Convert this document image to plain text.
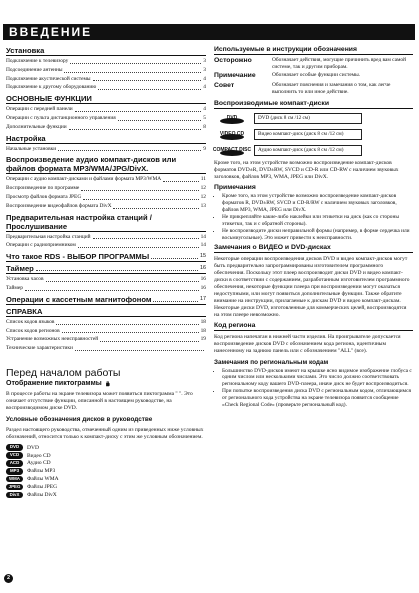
ВВЕДЕНИЕ
Установка
Подключение к телевизору	3
Подсоединение антенны	3
Подключение акустической системы	4
Подключение к другому оборудованию	4
ОСНОВНЫЕ ФУНКЦИИ
Операции с передней панели	4
Операции с пульта дистанционного управления	5
Дополнительные функции	8
Настройка
Начальные установки	9
Воспроизведение аудио компакт-дисков или файлов формата MP3/WMA/JPG/DivX.
Операции с аудио компакт-дисками и файлами формата MP3/WMA	11
Воспроизведение по программе	12
Просмотр файлов формата JPEG	12
Воспроизведение видеофайлов формата DivX	13
Предварительная настройка станций / Прослушивание
Предварительная настройка станций	14
Операции с радиоприемником	14
Что такое RDS - ВЫБОР ПРОГРАММЫ	15
Таймер	16
Установка часов	16
Таймер	16
Операции с кассетным магнитофоном	17
СПРАВКА
Список кодов языков	18
Список кодов регионов	18
Устранение возможных неисправностей	19
Технические характеристики
Перед началом работы
Отображение пиктограммы
В процессе работы на экране телевизора может появиться пиктограмма " ". Это означает отсутствие функции, описанной в настоящем руководстве, на воспроизводимом диске DVD.
Условные обозначения дисков в руководстве
Раздел настоящего руководства, отмеченный одним из приведенных ниже условных обозначений, относится только к компакт-диску с этим же условным обозначением.
DVD	DVD
VCD	Видео CD
ACD	Аудио CD
MP3	Файлы MP3
WMA	Файлы WMA
JPEG	Файлы JPEG
DivX	Файлы DivX
Используемые в инструкции обозначения
Осторожно	Обозначает действия, могущие причинить вред вам самой системе, так и другим приборам.
Примечание	Обозначает особые функции системы.
Совет	Обозначает пояснения и замечания о том, как легче выполнить то или иное действие.
Воспроизводимые компакт-диски
DVD	DVD (диск 8 см /12 см)
VIDEO CD	Видео компакт-диск (диск 8 см /12 см)
COMPACT DISC	Аудио компакт-диск (диск 8 см /12 см)
Кроме того, на этом устройстве возможно воспроизведение компакт-дисков форматов DVD±R, DVD±RW, SVCD и CD-R или CD-RW с наличием звуковых заголовков, файлов MP3, WMA, JPEG или DivX.
Примечания
• Кроме того, на этом устройстве возможно воспроизведение компакт-дисков форматов R, DVD±RW, SVCD и CD-R/RW с наличием звуковых заголовков, файлов MP3, WMA, JPEG или DivX.
• Не прикрепляйте какие-либо наклейки или этикетки на диск (как со стороны этикетки, так и с обратной стороны).
• Не воспроизводите диски неправильной формы (например, в форме сердечка или восьмиугольные). Это может привести к неисправности.
Замечания о ВИДЕО и DVD-дисках
Некоторые операции воспроизведения дисков DVD и видео компакт-дисков могут быть предварительно запрограммированы изготовителем программного обеспечения. Поскольку этот плеер воспроизводит диски DVD и видео компакт-диски в соответствии с содержанием, разработанным изготовителем программного обеспечения, некоторые функции плеера при воспроизведении могут оказаться недоступными, или могут появиться дополнительные функции. Также обратите внимание на инструкции, прилагаемые к дискам DVD и видео компакт-дискам. Некоторые диски DVD, изготовленные для коммерческих целей, воспроизводятся на этом плеере невозможно.
Код региона
Код региона напечатан в нижней части изделия. На проигрывателе допускается воспроизведение дисков DVD с обозначением кода региона, идентичным нанесенному на заднюю панель или с обозначением "ALL" (все).
Замечания по региональным кодам
• Большинство DVD-дисков имеют на крышке ясно видимое изображение глобуса с одним числом или несколькими числами. Это число должно соответствовать региональному коду вашего DVD-плеера, иначе диск не будет воспроизводиться.
• При попытке воспроизведения диска DVD с региональным кодом, отличающимся от регионального кода устройства на экране телевизора появится сообщение «Check Regional Code» (проверьте региональный код).
2
